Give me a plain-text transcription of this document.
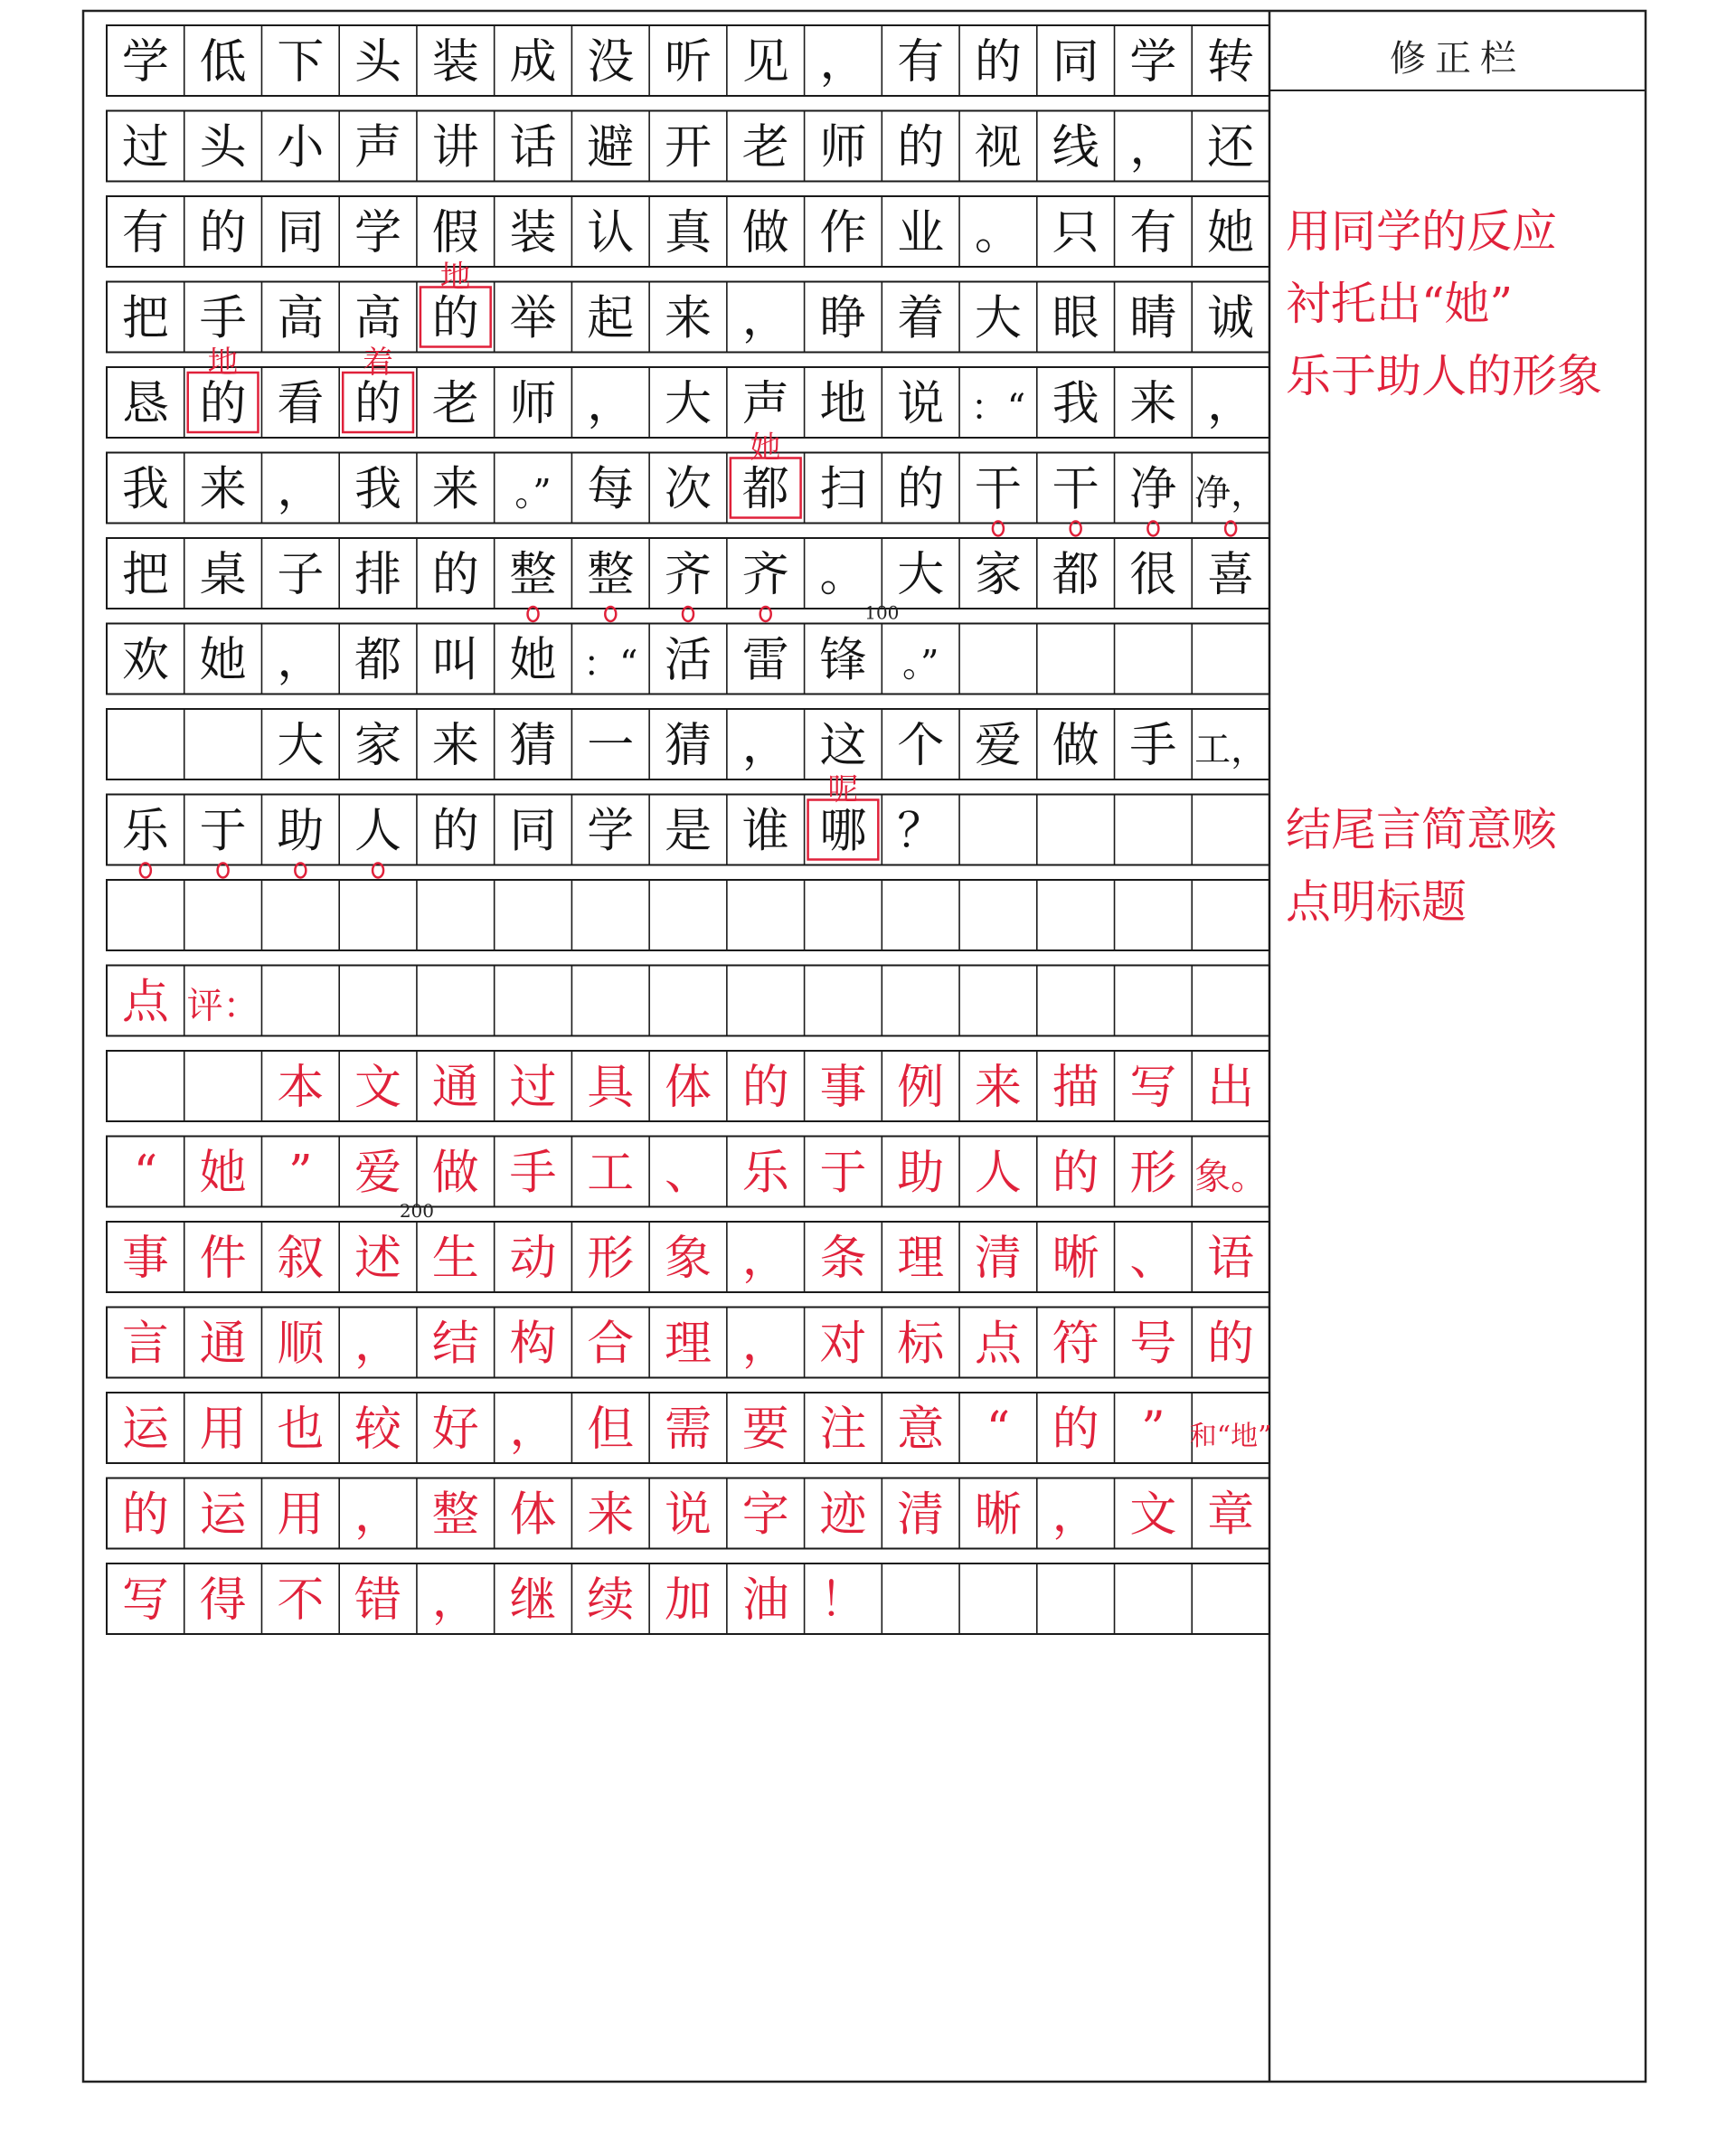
地
地	着
她
呢
学 低 下 头 装 成 没 听 见 ， 有 的 同 学 转
过 头 小 声 讲 话 避 开 老 师 的 视 线 ， 还
有 的 同 学 假 装 认 真 做 作 业 。 只 有 她
把 手 高 高 的 举 起 来 ， 睁 着 大 眼 睛 诚
恳 的 看 的 老 师 ， 大 声 地 说 ：“ 我 来 ，
我 来 ， 我 来 。” 每 次 都 扫 的 干 干 净 净，
把 桌 子 排 的 整 整 齐 齐 。 大 家 都 很 喜
欢 她 ， 都 叫 她 ：“ 活 雷 锋 。”
大 家 来 猜 一 猜 ， 这 个 爱 做 手 工，
乐 于 助 人 的 同 学 是 谁 哪 ？
点 评：
本 文 通 过 具 体 的 事 例 来 描 写 出
“ 她 ” 爱 做 手 工 、 乐 于 助 人 的 形 象。
事 件 叙 述 生 动 形 象 ， 条 理 清 晰 、 语
言 通 顺 ， 结 构 合 理 ， 对 标 点 符 号 的
运 用 也 较 好 ， 但 需 要 注 意 “ 的 ” 和“地”
的 运 用 ， 整 体 来 说 字 迹 清 晰 ， 文 章
写 得 不 错 ， 继 续 加 油 ！
100
200
修正栏
用同学的反应
衬托出“她”
乐于助人的形象
结尾言简意赅
点明标题
